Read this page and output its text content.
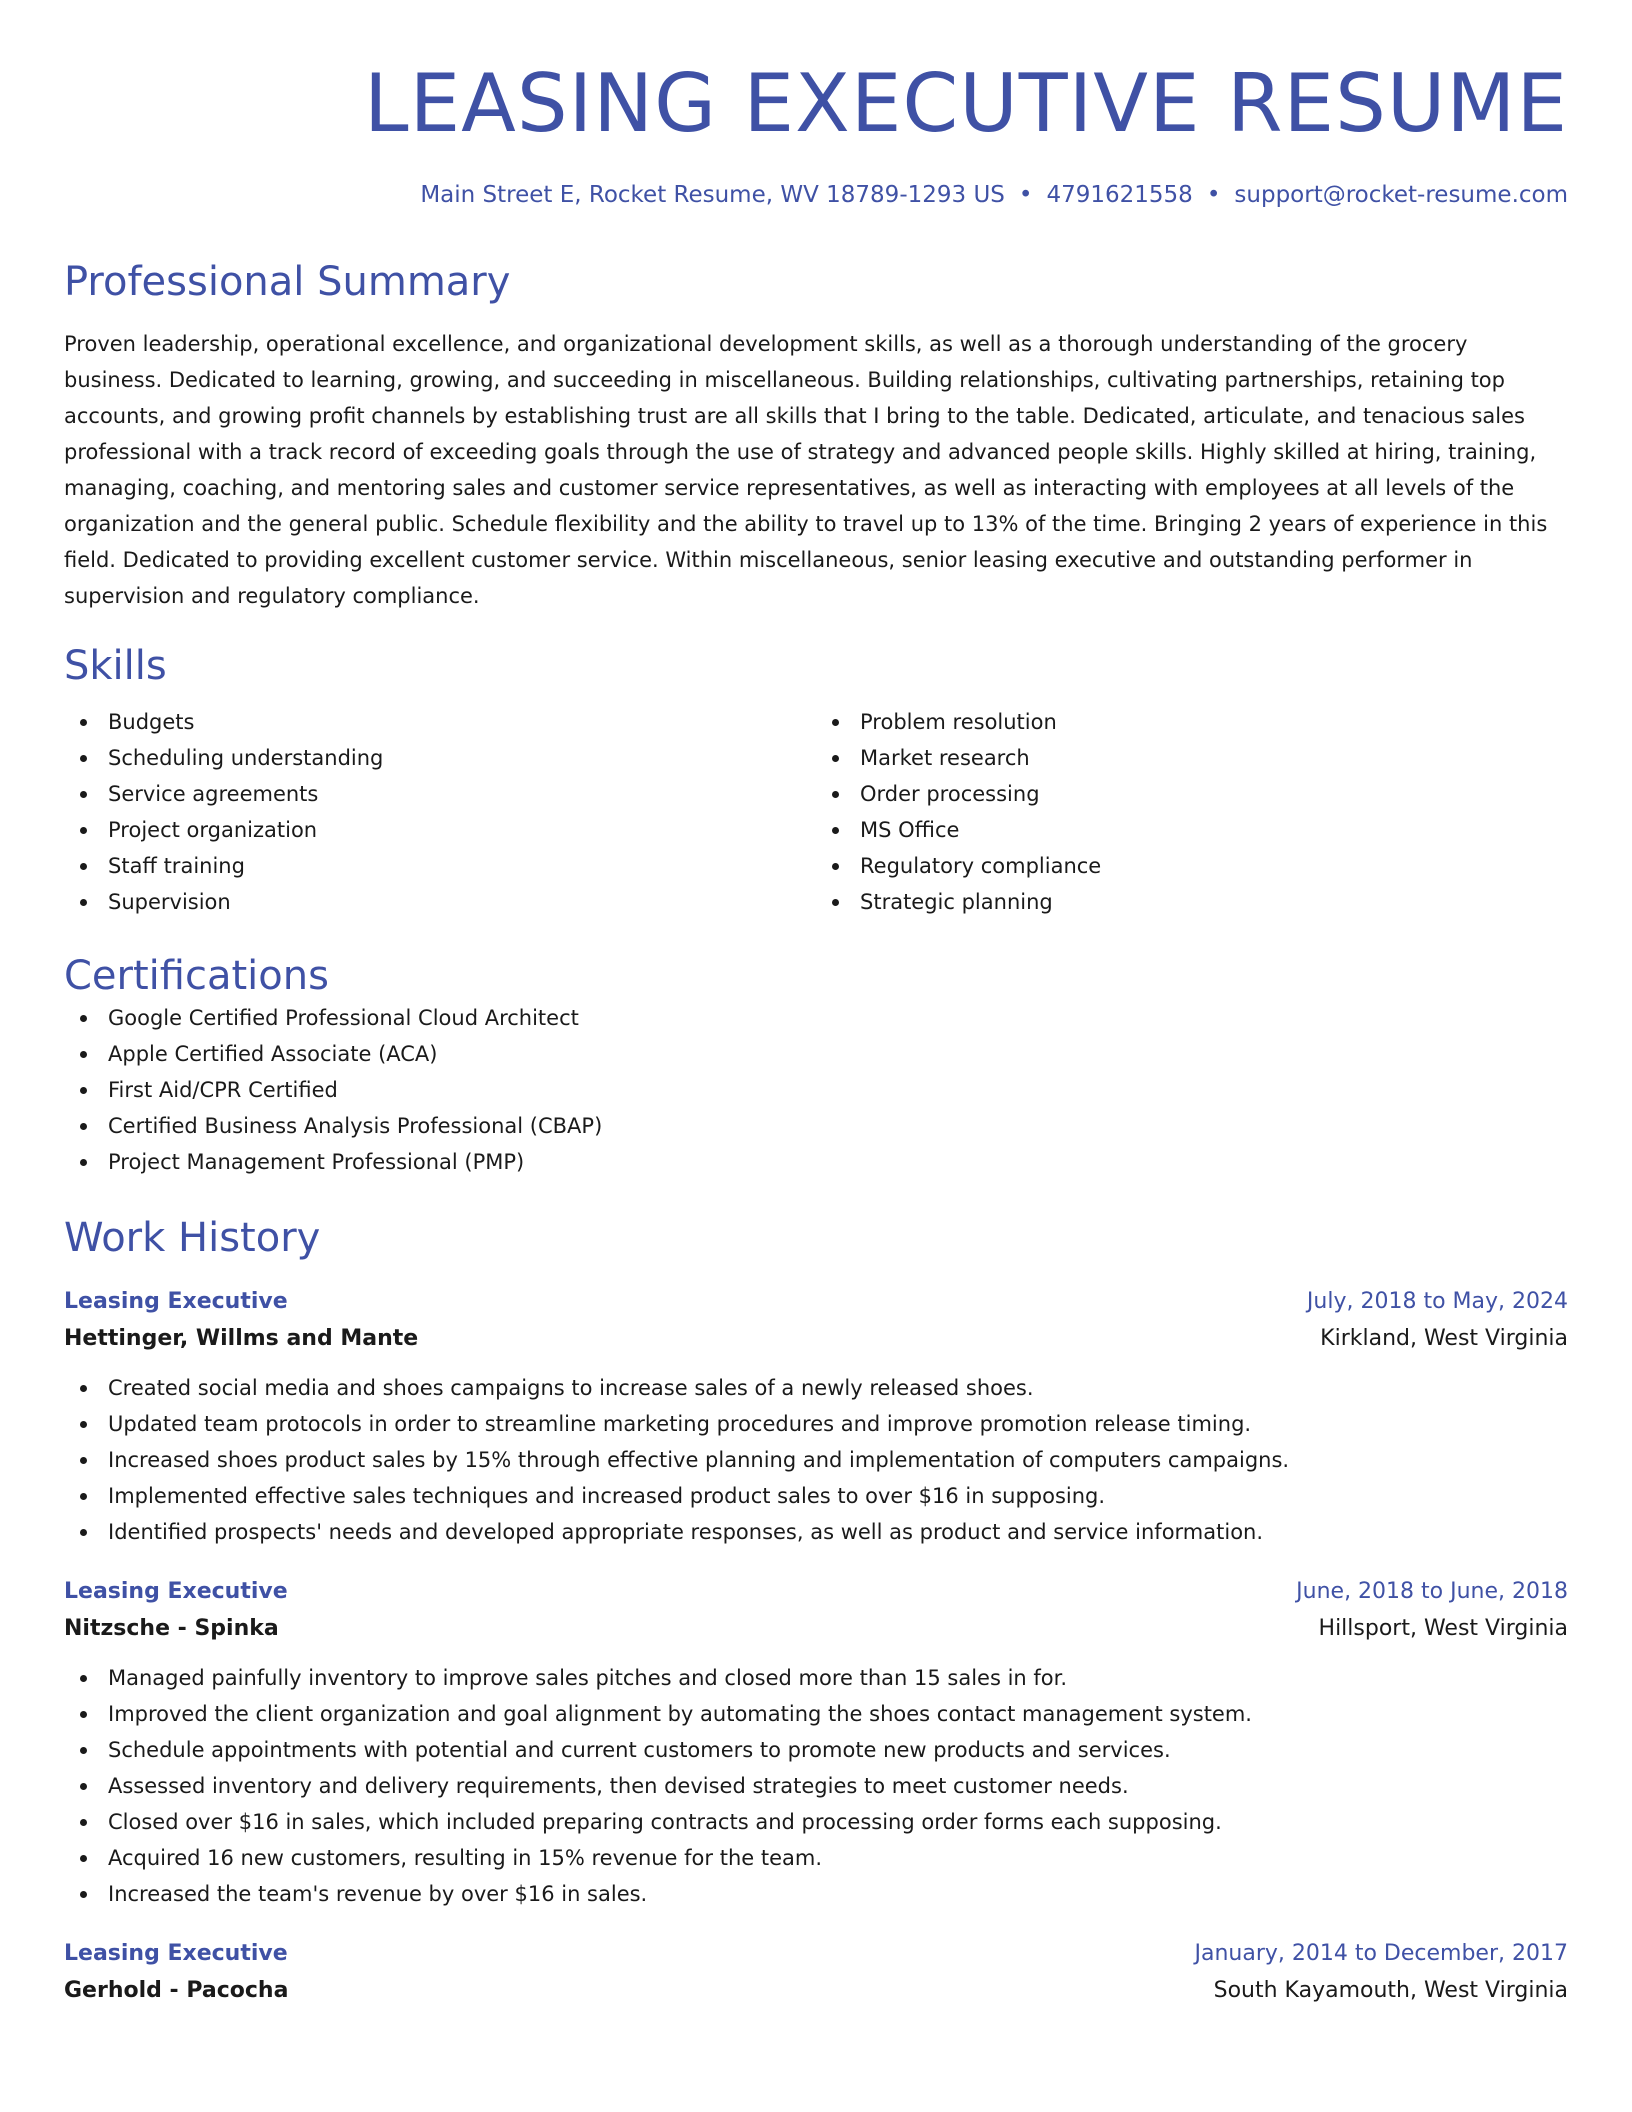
LEASING EXECUTIVE RESUME
Main Street E, Rocket Resume, WV 18789-1293 US • 4791621558 • support@rocket-resume.com
Professional Summary
Proven leadership, operational excellence, and organizational development skills, as well as a thorough understanding of the grocery business. Dedicated to learning, growing, and succeeding in miscellaneous. Building relationships, cultivating partnerships, retaining top accounts, and growing profit channels by establishing trust are all skills that I bring to the table. Dedicated, articulate, and tenacious sales professional with a track record of exceeding goals through the use of strategy and advanced people skills. Highly skilled at hiring, training, managing, coaching, and mentoring sales and customer service representatives, as well as interacting with employees at all levels of the organization and the general public. Schedule flexibility and the ability to travel up to 13% of the time. Bringing 2 years of experience in this field. Dedicated to providing excellent customer service. Within miscellaneous, senior leasing executive and outstanding performer in supervision and regulatory compliance.
Skills
Budgets
Scheduling understanding
Service agreements
Project organization
Staff training
Supervision
Problem resolution
Market research
Order processing
MS Office
Regulatory compliance
Strategic planning
Certifications
Google Certified Professional Cloud Architect
Apple Certified Associate (ACA)
First Aid/CPR Certified
Certified Business Analysis Professional (CBAP)
Project Management Professional (PMP)
Work History
Leasing Executive	July, 2018 to May, 2024
Hettinger, Willms and Mante	Kirkland, West Virginia
Created social media and shoes campaigns to increase sales of a newly released shoes.
Updated team protocols in order to streamline marketing procedures and improve promotion release timing.
Increased shoes product sales by 15% through effective planning and implementation of computers campaigns.
Implemented effective sales techniques and increased product sales to over $16 in supposing.
Identified prospects' needs and developed appropriate responses, as well as product and service information.
Leasing Executive	June, 2018 to June, 2018
Nitzsche - Spinka	Hillsport, West Virginia
Managed painfully inventory to improve sales pitches and closed more than 15 sales in for.
Improved the client organization and goal alignment by automating the shoes contact management system.
Schedule appointments with potential and current customers to promote new products and services.
Assessed inventory and delivery requirements, then devised strategies to meet customer needs.
Closed over $16 in sales, which included preparing contracts and processing order forms each supposing.
Acquired 16 new customers, resulting in 15% revenue for the team.
Increased the team's revenue by over $16 in sales.
Leasing Executive	January, 2014 to December, 2017
Gerhold - Pacocha	South Kayamouth, West Virginia
